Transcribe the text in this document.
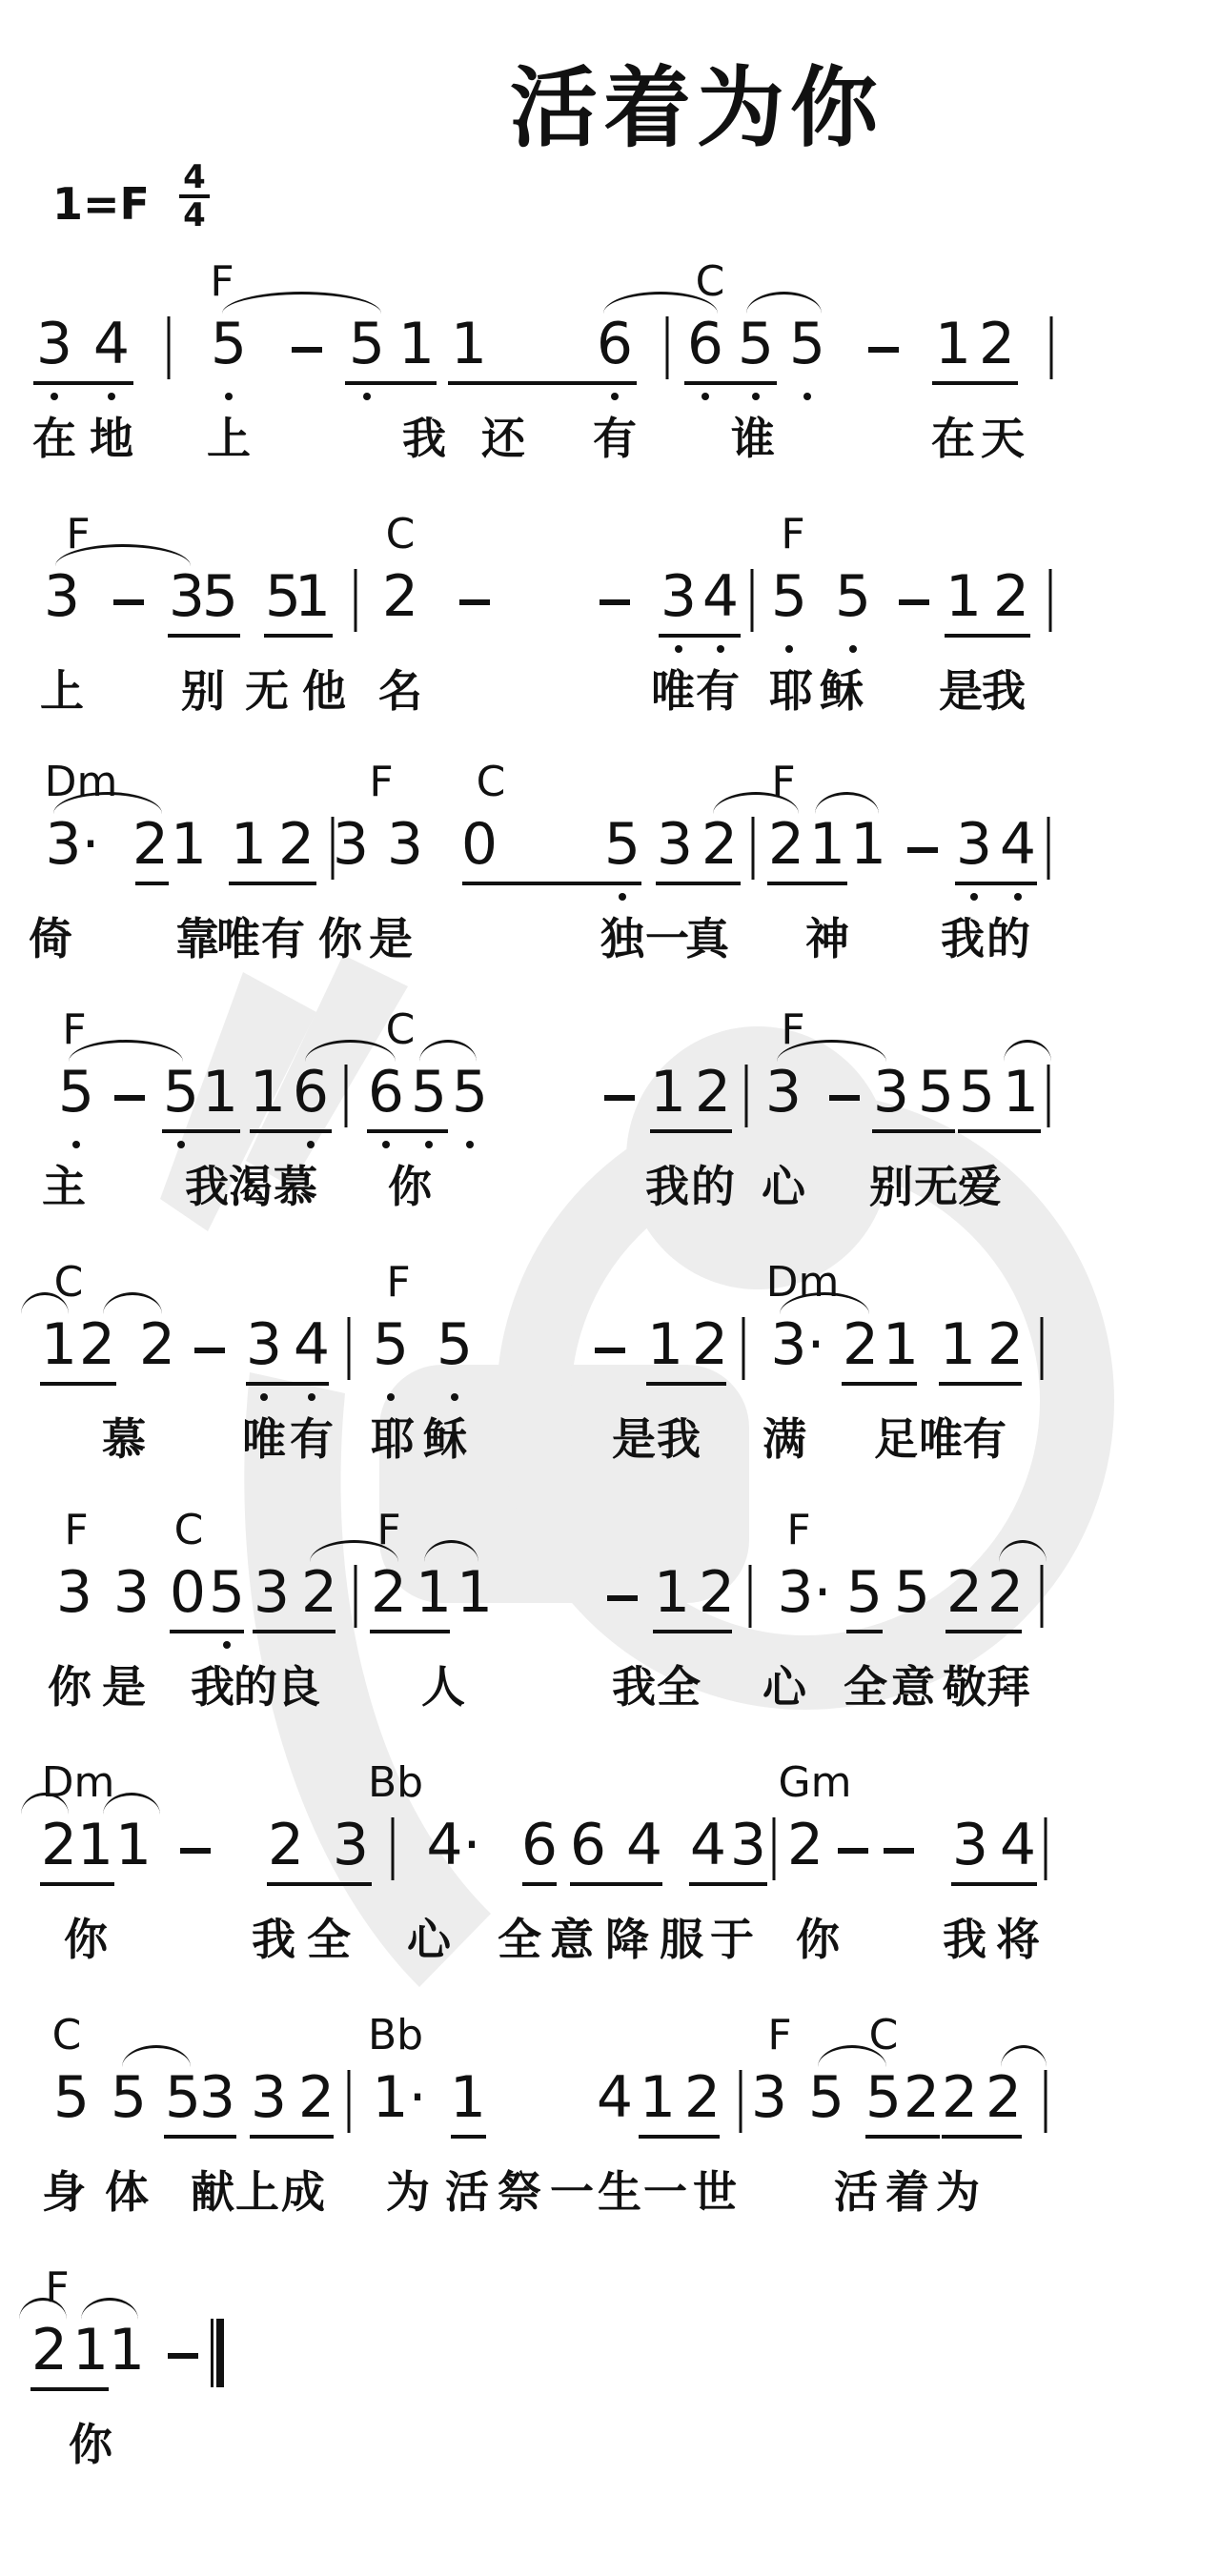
活着为你
$1=F \frac{4}{4}$
F	C
3 4 5 5 1 1 6 6 5 5 1 2
在 地 上	我 还 有 谁	在 天
F	C	F
3 3
5 5
1 2	3 4 5 5 1 2
上 别 无 他 名	唯 有 耶 稣 是 我
Dm	F C	F
3· 2 1 1 2 3 3 0 5 3 2 2 1 1 3 4
倚 靠
唯 有 你 是	独 一
真 神 我 的
F	C	F
5 5 1 1 6 6 5 5	1 2 3 3 5 5 1
主 我 渴 慕 你	我 的 心 别 无 爱
C	F	Dm
1 2 2 3 4 5 5	1 2 3· 2 1 1 2
慕 唯 有 耶 稣	是 我 满 足 唯 有
F C	F	F
3 3 0 5 3 2 2 1 1	1 2 3· 5 5 2 2
你 是 我 的 良 人	我 全 心 全 意 敬 拜
Dm	Bb	Gm
2 1 1 2 3 4· 6 6 4 4 3 2 3 4
你	我 全 心 全 意 降 服 于 你 我 将
C	Bb	F C
5 5 5
3 3 2 1· 1 4 1 2 3 5 5 2 2 2
身 体 献 上 成 为 活 祭 一 生 一 世 活 着 为
F
2 1 1
你
